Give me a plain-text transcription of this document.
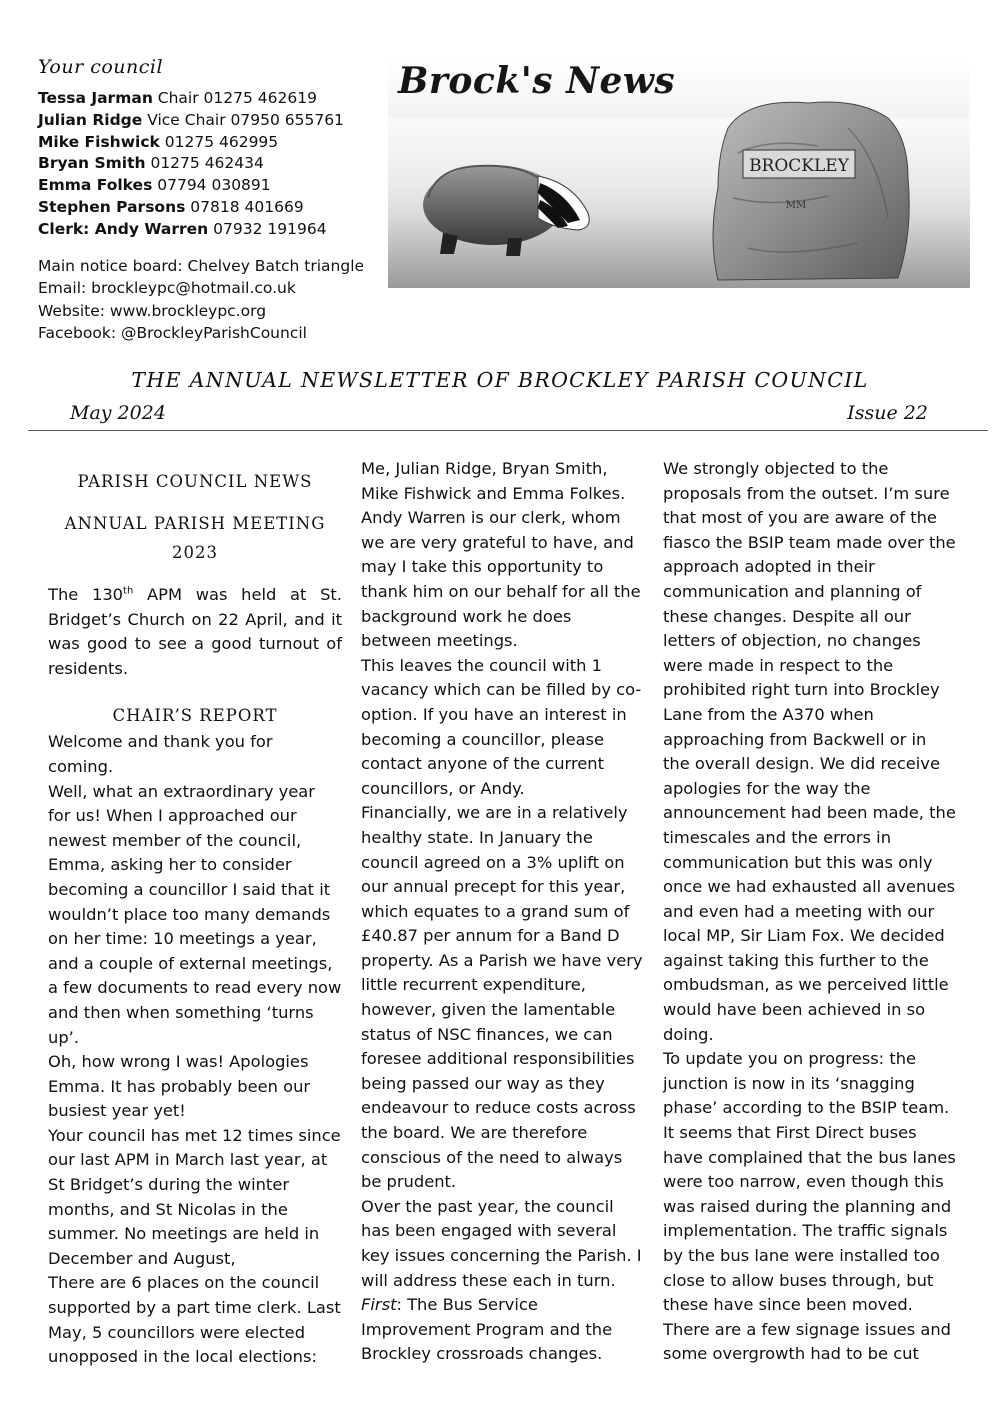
Your council
Tessa Jarman Chair 01275 462619
Julian Ridge Vice Chair 07950 655761
Mike Fishwick 01275 462995
Bryan Smith 01275 462434
Emma Folkes 07794 030891
Stephen Parsons 07818 401669
Clerk: Andy Warren 07932 191964
Main notice board: Chelvey Batch triangle
Email: brockleypc@hotmail.co.uk
Website: www.brockleypc.org
Facebook: @BrockleyParishCouncil
BROCKLEY
MM
Brock's News
THE ANNUAL NEWSLETTER OF BROCKLEY PARISH COUNCIL
May 2024	Issue 22
PARISH COUNCIL NEWS
ANNUAL PARISH MEETING
2023

The 130th APM was held at St. Bridget’s Church on 22 April, and it was good to see a good turnout of residents.

CHAIR’S REPORT

Welcome and thank you for coming.

Well, what an extraordinary year for us! When I approached our newest member of the council, Emma, asking her to consider becoming a councillor I said that it wouldn’t place too many demands on her time: 10 meetings a year, and a couple of external meetings, a few documents to read every now and then when something ‘turns up’.

Oh, how wrong I was! Apologies Emma. It has probably been our busiest year yet!

Your council has met 12 times since our last APM in March last year, at St Bridget’s during the winter months, and St Nicolas in the summer. No meetings are held in December and August,

There are 6 places on the council supported by a part time clerk. Last May, 5 councillors were elected unopposed in the local elections:

Me, Julian Ridge, Bryan Smith, Mike Fishwick and Emma Folkes. Andy Warren is our clerk, whom we are very grateful to have, and may I take this opportunity to thank him on our behalf for all the background work he does between meetings.

This leaves the council with 1 vacancy which can be filled by co-option. If you have an interest in becoming a councillor, please contact anyone of the current councillors, or Andy.

Financially, we are in a relatively healthy state. In January the council agreed on a 3% uplift on our annual precept for this year, which equates to a grand sum of £40.87 per annum for a Band D property. As a Parish we have very little recurrent expenditure, however, given the lamentable status of NSC finances, we can foresee additional responsibilities being passed our way as they endeavour to reduce costs across the board. We are therefore conscious of the need to always be prudent.

Over the past year, the council has been engaged with several key issues concerning the Parish. I will address these each in turn.

First: The Bus Service Improvement Program and the Brockley crossroads changes.

We strongly objected to the proposals from the outset. I’m sure that most of you are aware of the fiasco the BSIP team made over the approach adopted in their communication and planning of these changes. Despite all our letters of objection, no changes were made in respect to the prohibited right turn into Brockley Lane from the A370 when approaching from Backwell or in the overall design. We did receive apologies for the way the announcement had been made, the timescales and the errors in communication but this was only once we had exhausted all avenues and even had a meeting with our local MP, Sir Liam Fox. We decided against taking this further to the ombudsman, as we perceived little would have been achieved in so doing.

To update you on progress: the junction is now in its ‘snagging phase’ according to the BSIP team. It seems that First Direct buses have complained that the bus lanes were too narrow, even though this was raised during the planning and implementation. The traffic signals by the bus lane were installed too close to allow buses through, but these have since been moved. There are a few signage issues and some overgrowth had to be cut
